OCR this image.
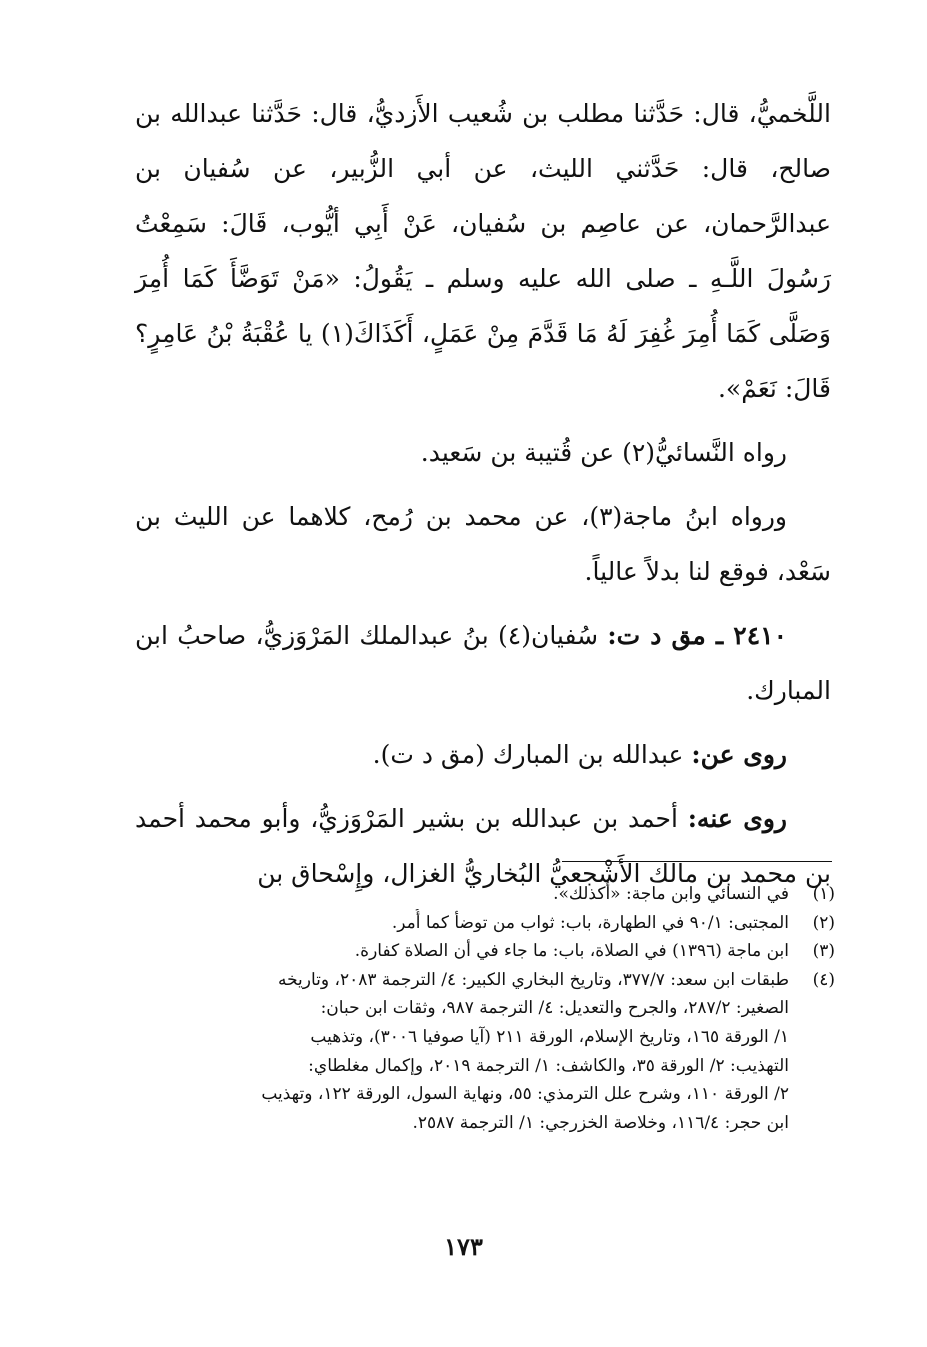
اللَّخميُّ، قال: حَدَّثنا مطلب بن شُعيب الأَزديُّ، قال: حَدَّثنا عبدالله بن صالح، قال: حَدَّثني الليث، عن أبي الزُّبير، عن سُفيان بن عبدالرَّحمان، عن عاصِم بن سُفيان، عَنْ أَبِي أيُّوب، قَالَ: سَمِعْتُ رَسُولَ اللَّـهِ ـ صلى الله عليه وسلم ـ يَقُولُ: «مَنْ تَوَضَّأَ كَمَا أُمِرَ وَصَلَّى كَمَا أُمِرَ غُفِرَ لَهُ مَا قَدَّمَ مِنْ عَمَلٍ، أَكَذَاكَ(١) يا عُقْبَةُ بْنُ عَامِرٍ؟ قَالَ: نَعَمْ».

رواه النَّسائيُّ(٢) عن قُتيبة بن سَعيد.

ورواه ابنُ ماجة(٣)، عن محمد بن رُمح، كلاهما عن الليث بن سَعْد، فوقع لنا بدلاً عالياً.

٢٤١٠ ـ مق د ت: سُفيان(٤) بنُ عبدالملك المَرْوَزيُّ، صاحبُ ابن المبارك.

روى عن: عبدالله بن المبارك (مق د ت).

روى عنه: أحمد بن عبدالله بن بشير المَرْوَزيُّ، وأبو محمد أحمد بن محمد بن مالك الأَشْجعيُّ البُخاريُّ الغزال، وإِسْحاق بن

(١)
في النسائي وابن ماجة: «أكذلك».
(٢)
المجتبى: ٩٠/١ في الطهارة، باب: ثواب من توضأ كما أُمر.
(٣)
ابن ماجة (١٣٩٦) في الصلاة، باب: ما جاء في أن الصلاة كفارة.
(٤)
طبقات ابن سعد: ٣٧٧/٧، وتاريخ البخاري الكبير: ٤/ الترجمة ٢٠٨٣، وتاريخه
الصغير: ٢٨٧/٢، والجرح والتعديل: ٤/ الترجمة ٩٨٧، وثقات ابن حبان:
١/ الورقة ١٦٥، وتاريخ الإسلام، الورقة ٢١١ (آيا صوفيا ٣٠٠٦)، وتذهيب
التهذيب: ٢/ الورقة ٣٥، والكاشف: ١/ الترجمة ٢٠١٩، وإكمال مغلطاي:
٢/ الورقة ١١٠، وشرح علل الترمذي: ٥٥، ونهاية السول، الورقة ١٢٢، وتهذيب
ابن حجر: ١١٦/٤، وخلاصة الخزرجي: ١/ الترجمة ٢٥٨٧.
١٧٣
